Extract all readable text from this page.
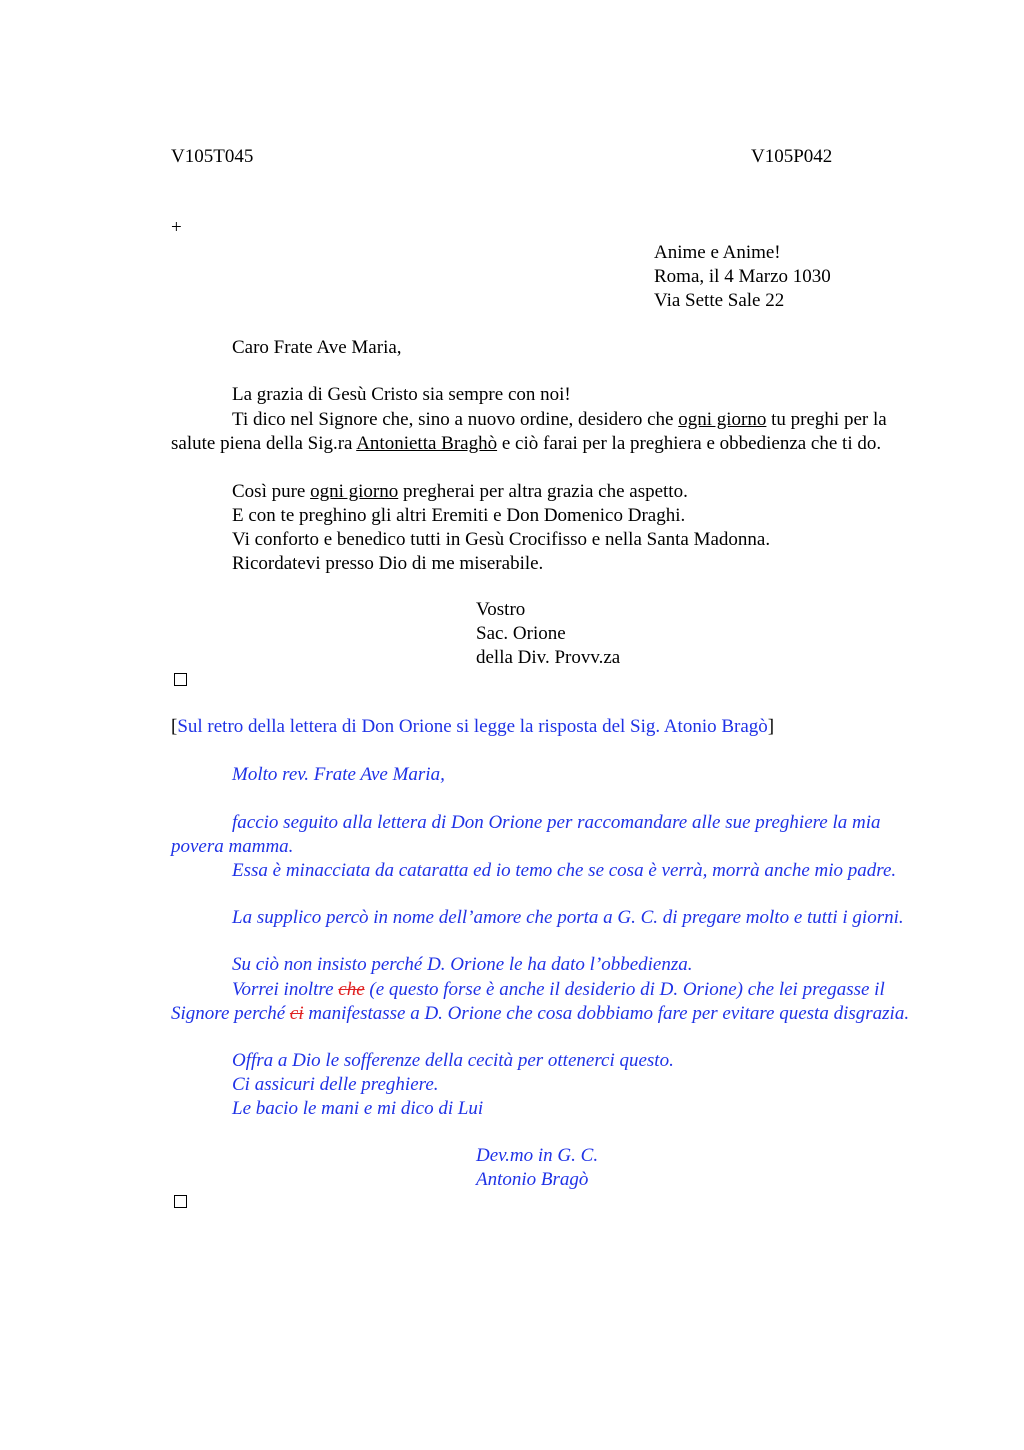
V105T045	V105P042
+
Anime e Anime!
Roma, il 4 Marzo 1030
Via Sette Sale 22
Caro Frate Ave Maria,
La grazia di Gesù Cristo sia sempre con noi!
Ti dico nel Signore che, sino a nuovo ordine, desidero che ogni giorno tu preghi per la salute piena della Sig.ra Antonietta Braghò e ciò farai per la preghiera e obbedienza che ti do.
Così pure ogni giorno pregherai per altra grazia che aspetto.
E con te preghino gli altri Eremiti e Don Domenico Draghi.
Vi conforto e benedico tutti in Gesù Crocifisso e nella Santa Madonna.
Ricordatevi presso Dio di me miserabile.
Vostro
Sac. Orione
della Div. Provv.za
[Sul retro della lettera di Don Orione si legge la risposta del Sig. Atonio Bragò]
Molto rev. Frate Ave Maria,
faccio seguito alla lettera di Don Orione per raccomandare alle sue preghiere la mia povera mamma.
Essa è minacciata da cataratta ed io temo che se cosa è verrà, morrà anche mio padre.
La supplico percò in nome dell’amore che porta a G. C. di pregare molto e tutti i giorni.
Su ciò non insisto perché D. Orione le ha dato l’obbedienza.
Vorrei inoltre che (e questo forse è anche il desiderio di D. Orione) che lei pregasse il Signore perché ci manifestasse a D. Orione che cosa dobbiamo fare per evitare questa disgrazia.
Offra a Dio le sofferenze della cecità per ottenerci questo.
Ci assicuri delle preghiere.
Le bacio le mani e mi dico di Lui
Dev.mo in G. C.
Antonio Bragò
